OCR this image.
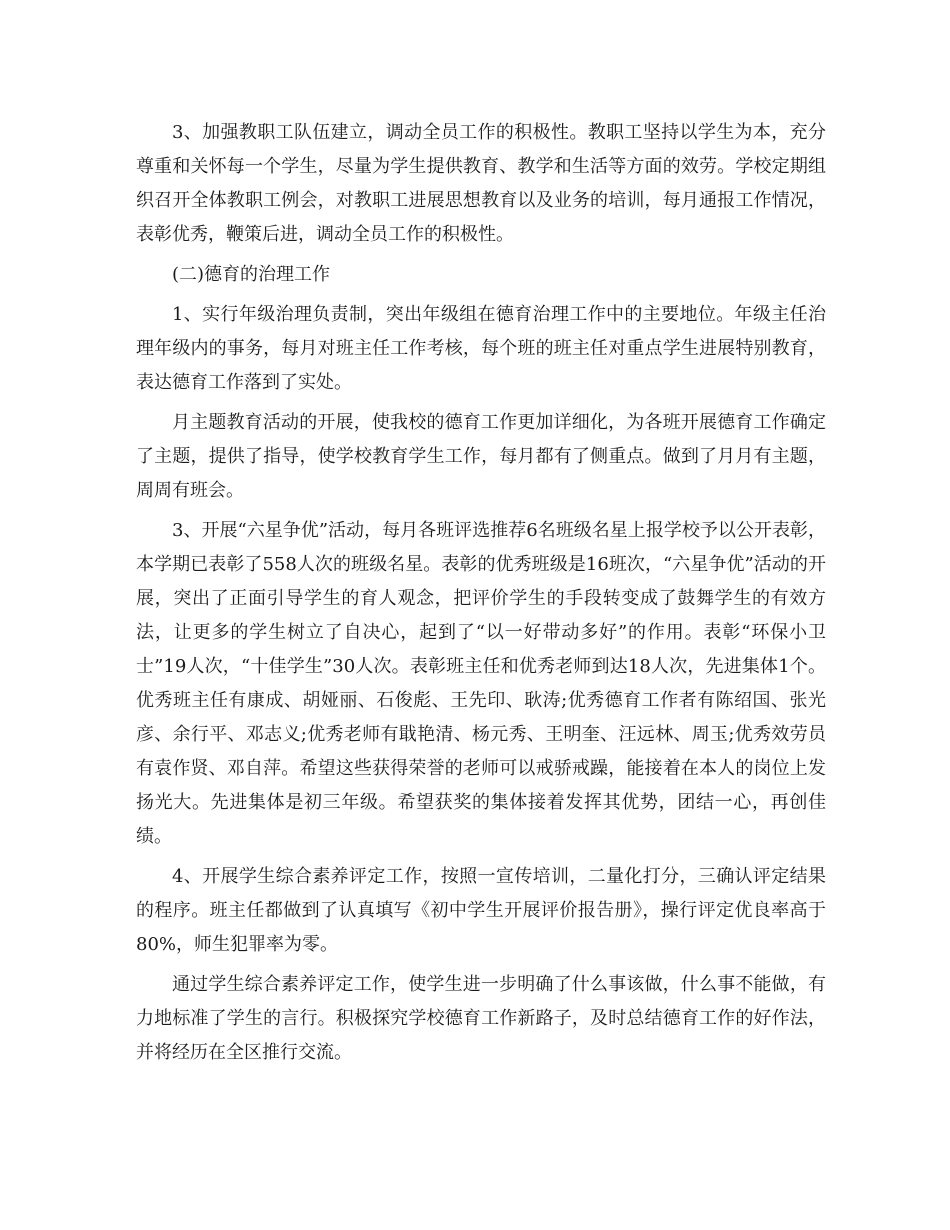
3、加强教职工队伍建立，调动全员工作的积极性。教职工坚持以学生为本，充分尊重和关怀每一个学生，尽量为学生提供教育、教学和生活等方面的效劳。学校定期组织召开全体教职工例会，对教职工进展思想教育以及业务的培训，每月通报工作情况，表彰优秀，鞭策后进，调动全员工作的积极性。

(二)德育的治理工作

1、实行年级治理负责制，突出年级组在德育治理工作中的主要地位。年级主任治理年级内的事务，每月对班主任工作考核，每个班的班主任对重点学生进展特别教育，表达德育工作落到了实处。

月主题教育活动的开展，使我校的德育工作更加详细化，为各班开展德育工作确定了主题，提供了指导，使学校教育学生工作，每月都有了侧重点。做到了月月有主题，周周有班会。

3、开展“六星争优”活动，每月各班评选推荐6名班级名星上报学校予以公开表彰，本学期已表彰了558人次的班级名星。表彰的优秀班级是16班次，“六星争优”活动的开展，突出了正面引导学生的育人观念，把评价学生的手段转变成了鼓舞学生的有效方法，让更多的学生树立了自决心，起到了“以一好带动多好”的作用。表彰“环保小卫士”19人次，“十佳学生”30人次。表彰班主任和优秀老师到达18人次，先进集体1个。优秀班主任有康成、胡娅丽、石俊彪、王先印、耿涛;优秀德育工作者有陈绍国、张光彦、余行平、邓志义;优秀老师有戢艳清、杨元秀、王明奎、汪远林、周玉;优秀效劳员有袁作贤、邓自萍。希望这些获得荣誉的老师可以戒骄戒躁，能接着在本人的岗位上发扬光大。先进集体是初三年级。希望获奖的集体接着发挥其优势，团结一心，再创佳绩。

4、开展学生综合素养评定工作，按照一宣传培训，二量化打分，三确认评定结果的程序。班主任都做到了认真填写《初中学生开展评价报告册》，操行评定优良率高于80%，师生犯罪率为零。

通过学生综合素养评定工作，使学生进一步明确了什么事该做，什么事不能做，有力地标准了学生的言行。积极探究学校德育工作新路子，及时总结德育工作的好作法，并将经历在全区推行交流。
